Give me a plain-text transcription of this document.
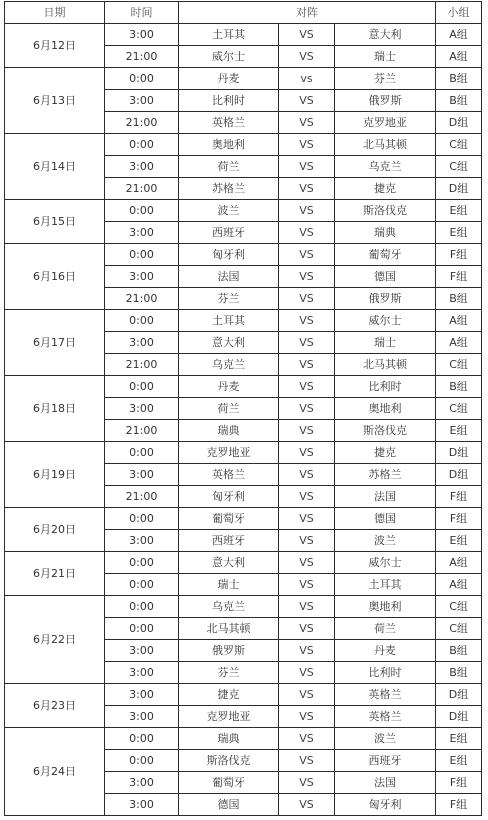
日期	时间	对阵			小组
6月12日	3:00	土耳其	VS	意大利	A组
	21:00	威尔士	VS	瑞士	A组
6月13日	0:00	丹麦	vs	芬兰	B组
	3:00	比利时	VS	俄罗斯	B组
	21:00	英格兰	VS	克罗地亚	D组
6月14日	0:00	奥地利	VS	北马其顿	C组
	3:00	荷兰	VS	乌克兰	C组
	21:00	苏格兰	VS	捷克	D组
6月15日	0:00	波兰	VS	斯洛伐克	E组
	3:00	西班牙	VS	瑞典	E组
6月16日	0:00	匈牙利	VS	葡萄牙	F组
	3:00	法国	VS	德国	F组
	21:00	芬兰	VS	俄罗斯	B组
6月17日	0:00	土耳其	VS	威尔士	A组
	3:00	意大利	VS	瑞士	A组
	21:00	乌克兰	VS	北马其顿	C组
6月18日	0:00	丹麦	VS	比利时	B组
	3:00	荷兰	VS	奥地利	C组
	21:00	瑞典	VS	斯洛伐克	E组
6月19日	0:00	克罗地亚	VS	捷克	D组
	3:00	英格兰	VS	苏格兰	D组
	21:00	匈牙利	VS	法国	F组
6月20日	0:00	葡萄牙	VS	德国	F组
	3:00	西班牙	VS	波兰	E组
6月21日	0:00	意大利	VS	威尔士	A组
	0:00	瑞士	VS	土耳其	A组
6月22日	0:00	乌克兰	VS	奥地利	C组
	0:00	北马其顿	VS	荷兰	C组
	3:00	俄罗斯	VS	丹麦	B组
	3:00	芬兰	VS	比利时	B组
6月23日	3:00	捷克	VS	英格兰	D组
	3:00	克罗地亚	VS	英格兰	D组
6月24日	0:00	瑞典	VS	波兰	E组
	0:00	斯洛伐克	VS	西班牙	E组
	3:00	葡萄牙	VS	法国	F组
	3:00	德国	VS	匈牙利	F组
